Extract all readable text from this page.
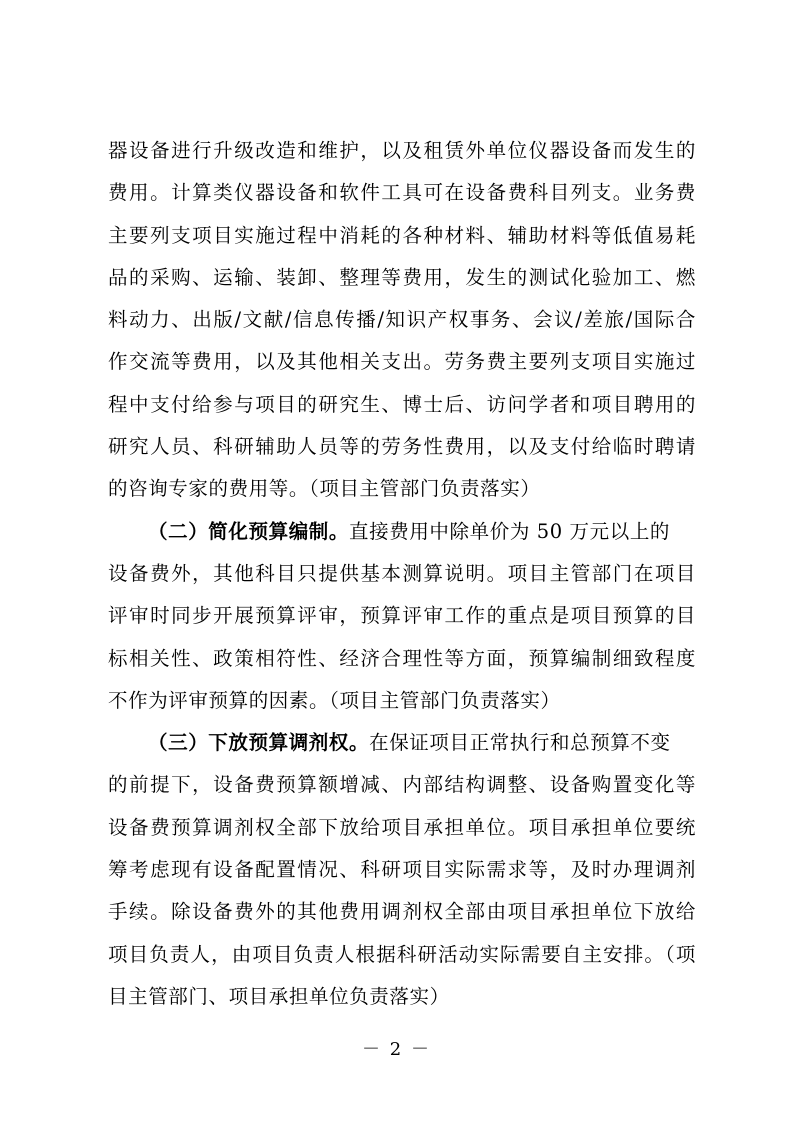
器设备进行升级改造和维护，以及租赁外单位仪器设备而发生的
费用。计算类仪器设备和软件工具可在设备费科目列支。业务费
主要列支项目实施过程中消耗的各种材料、辅助材料等低值易耗
品的采购、运输、装卸、整理等费用，发生的测试化验加工、燃
料动力、出版/文献/信息传播/知识产权事务、会议/差旅/国际合
作交流等费用，以及其他相关支出。劳务费主要列支项目实施过
程中支付给参与项目的研究生、博士后、访问学者和项目聘用的
研究人员、科研辅助人员等的劳务性费用，以及支付给临时聘请
的咨询专家的费用等。（项目主管部门负责落实）
（二）简化预算编制。直接费用中除单价为 50 万元以上的
设备费外，其他科目只提供基本测算说明。项目主管部门在项目
评审时同步开展预算评审，预算评审工作的重点是项目预算的目
标相关性、政策相符性、经济合理性等方面，预算编制细致程度
不作为评审预算的因素。（项目主管部门负责落实）
（三）下放预算调剂权。在保证项目正常执行和总预算不变
的前提下，设备费预算额增减、内部结构调整、设备购置变化等
设备费预算调剂权全部下放给项目承担单位。项目承担单位要统
筹考虑现有设备配置情况、科研项目实际需求等，及时办理调剂
手续。除设备费外的其他费用调剂权全部由项目承担单位下放给
项目负责人，由项目负责人根据科研活动实际需要自主安排。（项
目主管部门、项目承担单位负责落实）
－ 2 －
